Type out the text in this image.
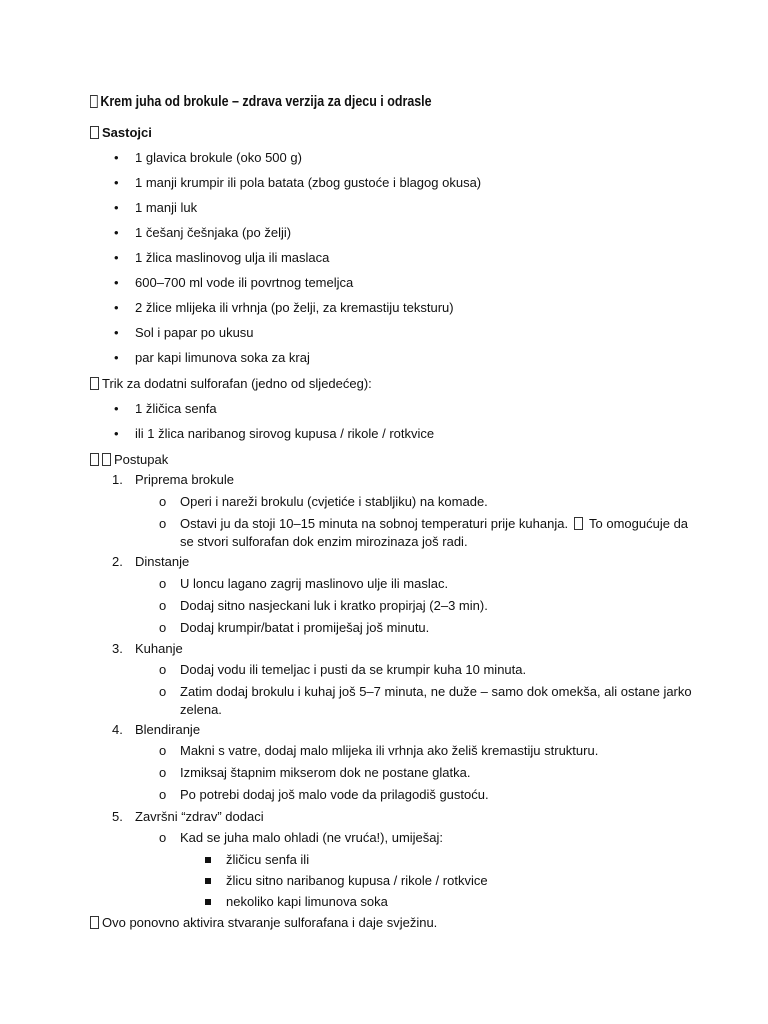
Krem juha od brokule – zdrava verzija za djecu i odrasle
Sastojci
• 1 glavica brokule (oko 500 g)
• 1 manji krumpir ili pola batata (zbog gustoće i blagog okusa)
• 1 manji luk
• 1 češanj češnjaka (po želji)
• 1 žlica maslinovog ulja ili maslaca
• 600–700 ml vode ili povrtnog temeljca
• 2 žlice mlijeka ili vrhnja (po želji, za kremastiju teksturu)
• Sol i papar po ukusu
• par kapi limunova soka za kraj
Trik za dodatni sulforafan (jedno od sljedećeg):
• 1 žličica senfa
• ili 1 žlica naribanog sirovog kupusa / rikole / rotkvice
Postupak
1. Priprema brokule
o Operi i nareži brokulu (cvjetiće i stabljiku) na komade.
o Ostavi ju da stoji 10–15 minuta na sobnoj temperaturi prije kuhanja.	To omogućuje da se stvori sulforafan dok enzim mirozinaza još radi.
2. Dinstanje
o U loncu lagano zagrij maslinovo ulje ili maslac.
o Dodaj sitno nasjeckani luk i kratko propirjaj (2–3 min).
o Dodaj krumpir/batat i promiješaj još minutu.
3. Kuhanje
o Dodaj vodu ili temeljac i pusti da se krumpir kuha 10 minuta.
o Zatim dodaj brokulu i kuhaj još 5–7 minuta, ne duže – samo dok omekša, ali ostane jarko zelena.
4. Blendiranje
o Makni s vatre, dodaj malo mlijeka ili vrhnja ako želiš kremastiju strukturu.
o Izmiksaj štapnim mikserom dok ne postane glatka.
o Po potrebi dodaj još malo vode da prilagodiš gustoću.
5. Završni “zdrav” dodaci
o Kad se juha malo ohladi (ne vruća!), umiješaj:
žličicu senfa ili
žlicu sitno naribanog kupusa / rikole / rotkvice
nekoliko kapi limunova soka
Ovo ponovno aktivira stvaranje sulforafana i daje svježinu.
